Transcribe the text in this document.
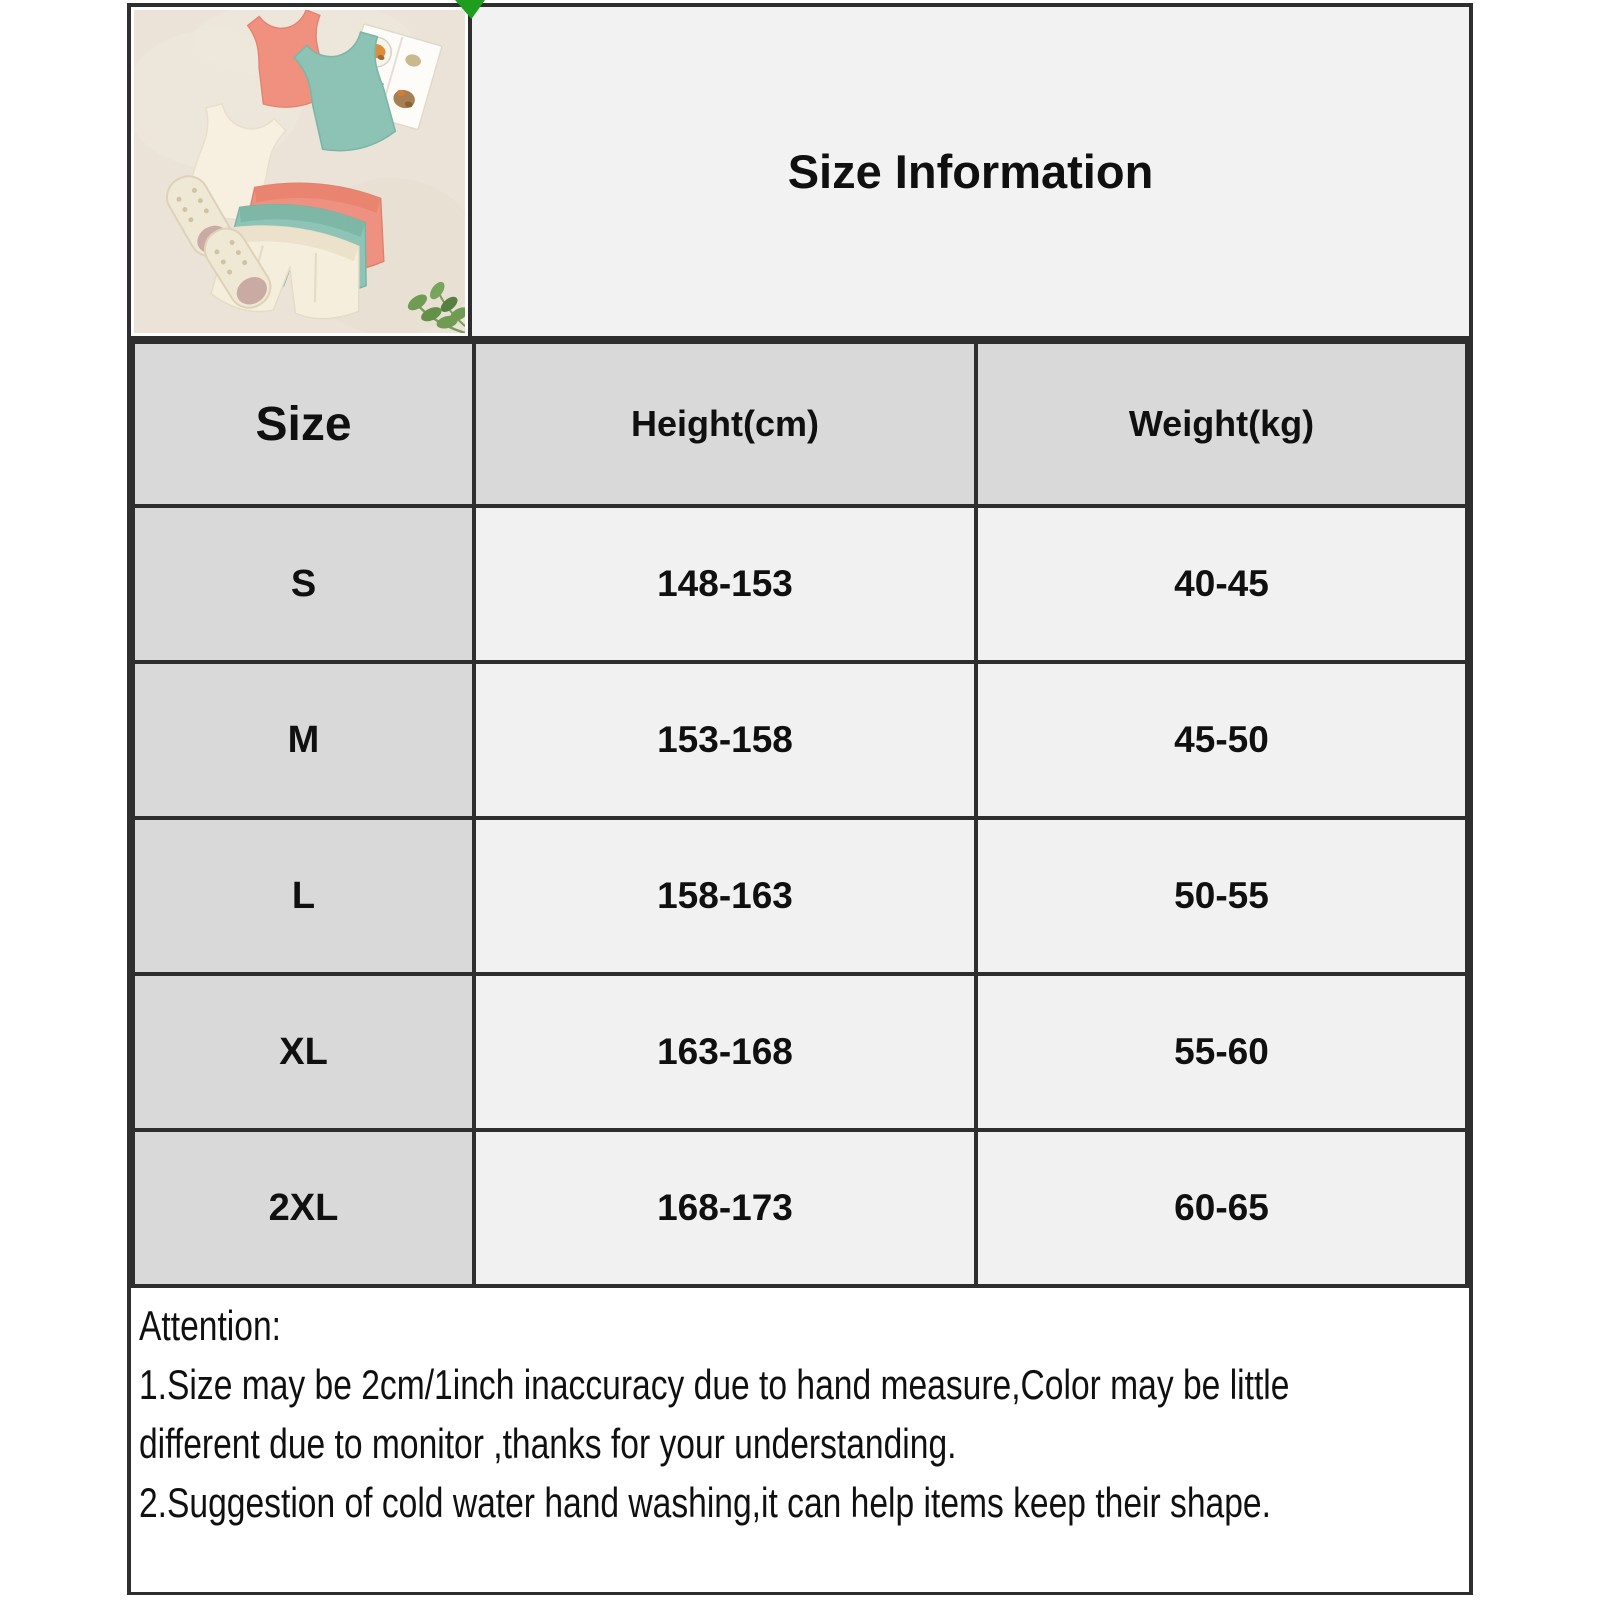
Size Information
Size	Height(cm)	Weight(kg)
S	148-153	40-45
M	153-158	45-50
L	158-163	50-55
XL	163-168	55-60
2XL	168-173	60-65
Attention:
1.Size may be 2cm/1inch inaccuracy due to hand measure,Color may be little
different due to monitor ,thanks for your understanding.
2.Suggestion of cold water hand washing,it can help items keep their shape.
